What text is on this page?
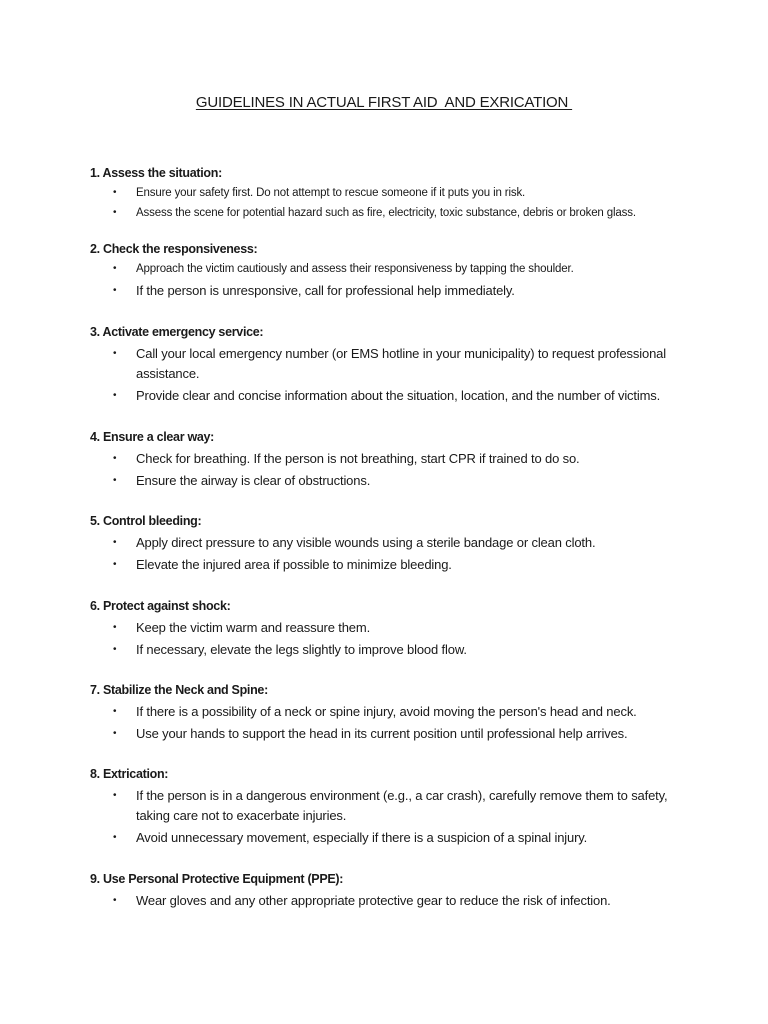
GUIDELINES IN ACTUAL FIRST AID  AND EXRICATION
1. Assess the situation:
• Ensure your safety first. Do not attempt to rescue someone if it puts you in risk.
• Assess the scene for potential hazard such as fire, electricity, toxic substance, debris or broken glass.
2. Check the responsiveness:
• Approach the victim cautiously and assess their responsiveness by tapping the shoulder.
• If the person is unresponsive, call for professional help immediately.
3. Activate emergency service:
• Call your local emergency number (or EMS hotline in your municipality) to request professional assistance.
• Provide clear and concise information about the situation, location, and the number of victims.
4. Ensure a clear way:
• Check for breathing. If the person is not breathing, start CPR if trained to do so.
• Ensure the airway is clear of obstructions.
5. Control bleeding:
• Apply direct pressure to any visible wounds using a sterile bandage or clean cloth.
• Elevate the injured area if possible to minimize bleeding.
6. Protect against shock:
• Keep the victim warm and reassure them.
• If necessary, elevate the legs slightly to improve blood flow.
7. Stabilize the Neck and Spine:
• If there is a possibility of a neck or spine injury, avoid moving the person's head and neck.
• Use your hands to support the head in its current position until professional help arrives.
8. Extrication:
• If the person is in a dangerous environment (e.g., a car crash), carefully remove them to safety, taking care not to exacerbate injuries.
• Avoid unnecessary movement, especially if there is a suspicion of a spinal injury.
9. Use Personal Protective Equipment (PPE):
• Wear gloves and any other appropriate protective gear to reduce the risk of infection.
